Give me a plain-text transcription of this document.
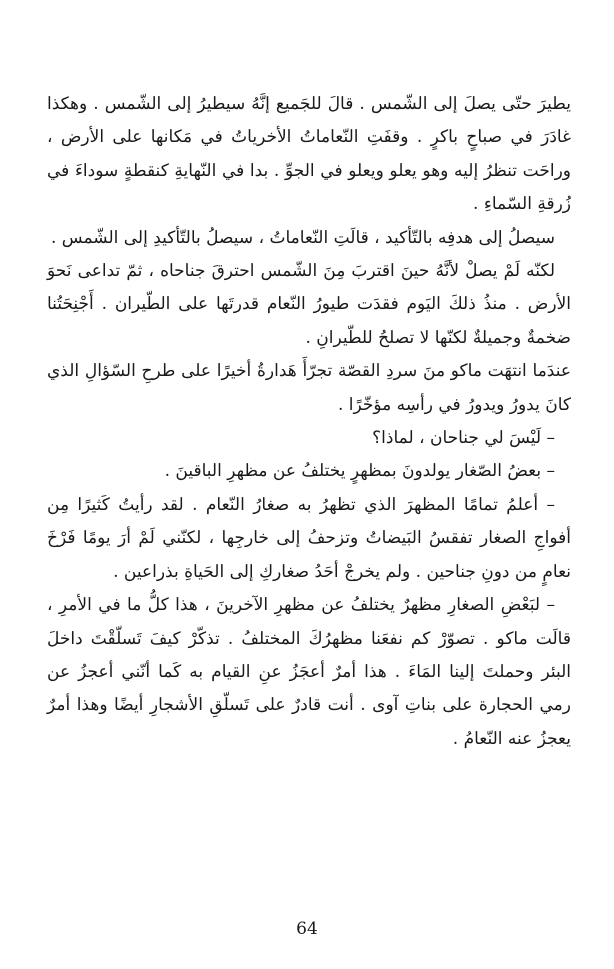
يطيرَ حتّى يصلَ إلى الشّمس . قالَ للجَميع إنَّهُ سيطيرُ إلى الشّمس . وهكذا غادَرَ في صباحٍ باكرٍ . وقفَتِ النّعاماتُ الأخرياتُ في مَكانها على الأرض ، وراحَت تنظرُ إليه وهو يعلو ويعلو في الجوِّ . بدا في النّهايةِ كنقطةٍ سوداءَ في زُرقةِ السّماءِ .

سيصلُ إلى هدفِه بالتّأكيد ، قالَتِ النّعاماتُ ، سيصلُ بالتّأكيدِ إلى الشّمس .

لكنّه لَمْ يصلْ لأنَّهُ حينَ اقتربَ مِنَ الشّمس احترقَ جناحاه ، ثمّ تداعى نَحوَ الأرض . منذُ ذلكَ اليَوم فقدَت طيورُ النّعام قدرتَها على الطّيران . أَجْنِحَتُنا ضخمةٌ وجميلةٌ لكنّها لا تصلحُ للطّيرانِ .

عندَما انتهَت ماكو منَ سردِ القصّة تجرّأَ هَدارةُ أخيرًا على طرحِ السّؤالِ الذي كانَ يدورُ ويدورُ في رأسِه مؤخّرًا .

– لَيْسَ لي جناحان ، لماذا؟

– بعضُ الصّغار يولدونَ بمظهرٍ يختلفُ عن مظهرِ الباقينَ .

– أعلمُ تمامًا المظهرَ الذي تظهرُ به صغارُ النّعام . لقد رأيتُ كَثيرًا مِن أفواجِ الصغار تفقسُ البَيضاتُ وتزحفُ إلى خارجِها ، لكنّني لَمْ أرَ يومًا فَرْخَ نعامٍ من دونِ جناحين . ولم يخرجْ أحَدُ صغاركِ إلى الحَياةِ بذراعين .

– لبَعْضِ الصغارِ مظهرٌ يختلفُ عن مظهرِ الآخرينَ ، هذا كلُّ ما في الأمرِ ، قالَت ماكو . تصوّرْ كم نفعَنا مظهرُكَ المختلفُ . تذكّرْ كيفَ تَسلّقْتَ داخلَ البئر وحملتَ إلينا المَاءَ . هذا أمرٌ أعجَزُ عنِ القيام به كَما أنّني أعجزُ عن رمي الحجارة على بناتِ آوى . أنت قادرٌ على تَسلّقِ الأشجارِ أيضًا وهذا أمرٌ يعجزُ عنه النّعامُ .

64
